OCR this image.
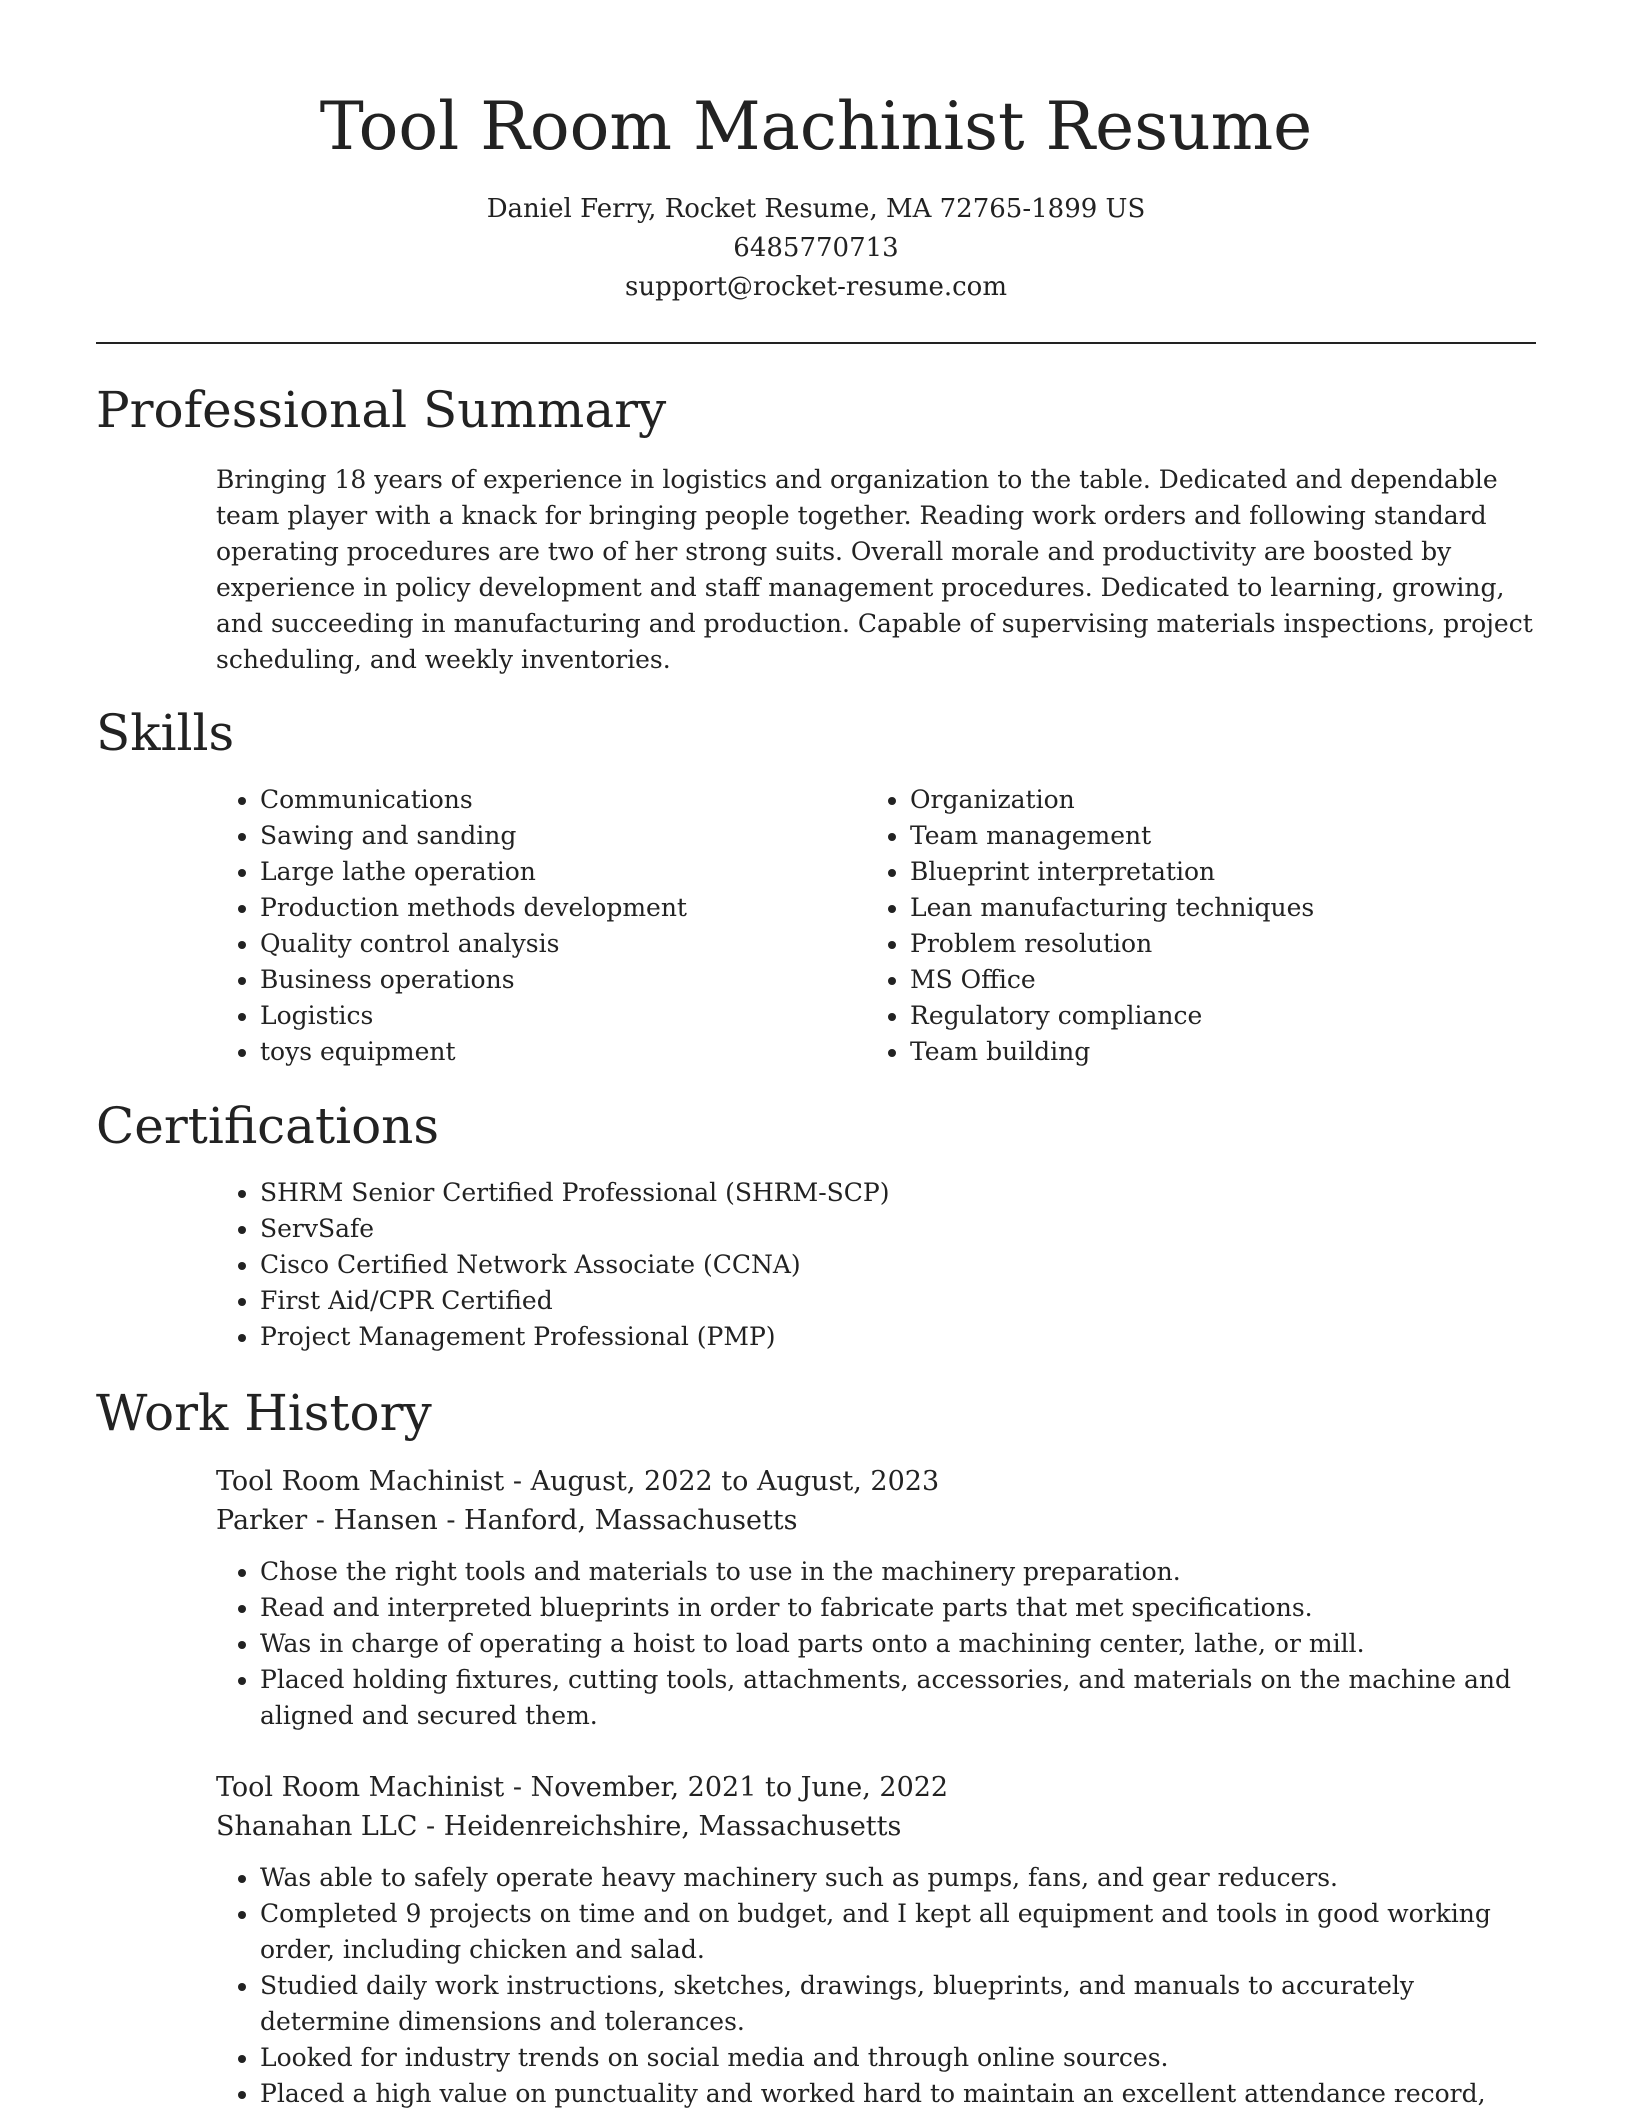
Tool Room Machinist Resume
Daniel Ferry, Rocket Resume, MA 72765-1899 US
6485770713
support@rocket-resume.com
Professional Summary

Bringing 18 years of experience in logistics and organization to the table. Dedicated and dependable team player with a knack for bringing people together. Reading work orders and following standard operating procedures are two of her strong suits. Overall morale and productivity are boosted by experience in policy development and staff management procedures. Dedicated to learning, growing, and succeeding in manufacturing and production. Capable of supervising materials inspections, project scheduling, and weekly inventories.

Skills
• Communications
• Sawing and sanding
• Large lathe operation
• Production methods development
• Quality control analysis
• Business operations
• Logistics
• toys equipment
• Organization
• Team management
• Blueprint interpretation
• Lean manufacturing techniques
• Problem resolution
• MS Office
• Regulatory compliance
• Team building
Certifications
• SHRM Senior Certified Professional (SHRM-SCP)
• ServSafe
• Cisco Certified Network Associate (CCNA)
• First Aid/CPR Certified
• Project Management Professional (PMP)
Work History
Tool Room Machinist - August, 2022 to August, 2023
Parker - Hansen - Hanford, Massachusetts
• Chose the right tools and materials to use in the machinery preparation.
• Read and interpreted blueprints in order to fabricate parts that met specifications.
• Was in charge of operating a hoist to load parts onto a machining center, lathe, or mill.
• Placed holding fixtures, cutting tools, attachments, accessories, and materials on the machine and aligned and secured them.
Tool Room Machinist - November, 2021 to June, 2022
Shanahan LLC - Heidenreichshire, Massachusetts
• Was able to safely operate heavy machinery such as pumps, fans, and gear reducers.
• Completed 9 projects on time and on budget, and I kept all equipment and tools in good working order, including chicken and salad.
• Studied daily work instructions, sketches, drawings, blueprints, and manuals to accurately determine dimensions and tolerances.
• Looked for industry trends on social media and through online sources.
• Placed a high value on punctuality and worked hard to maintain an excellent attendance record,
